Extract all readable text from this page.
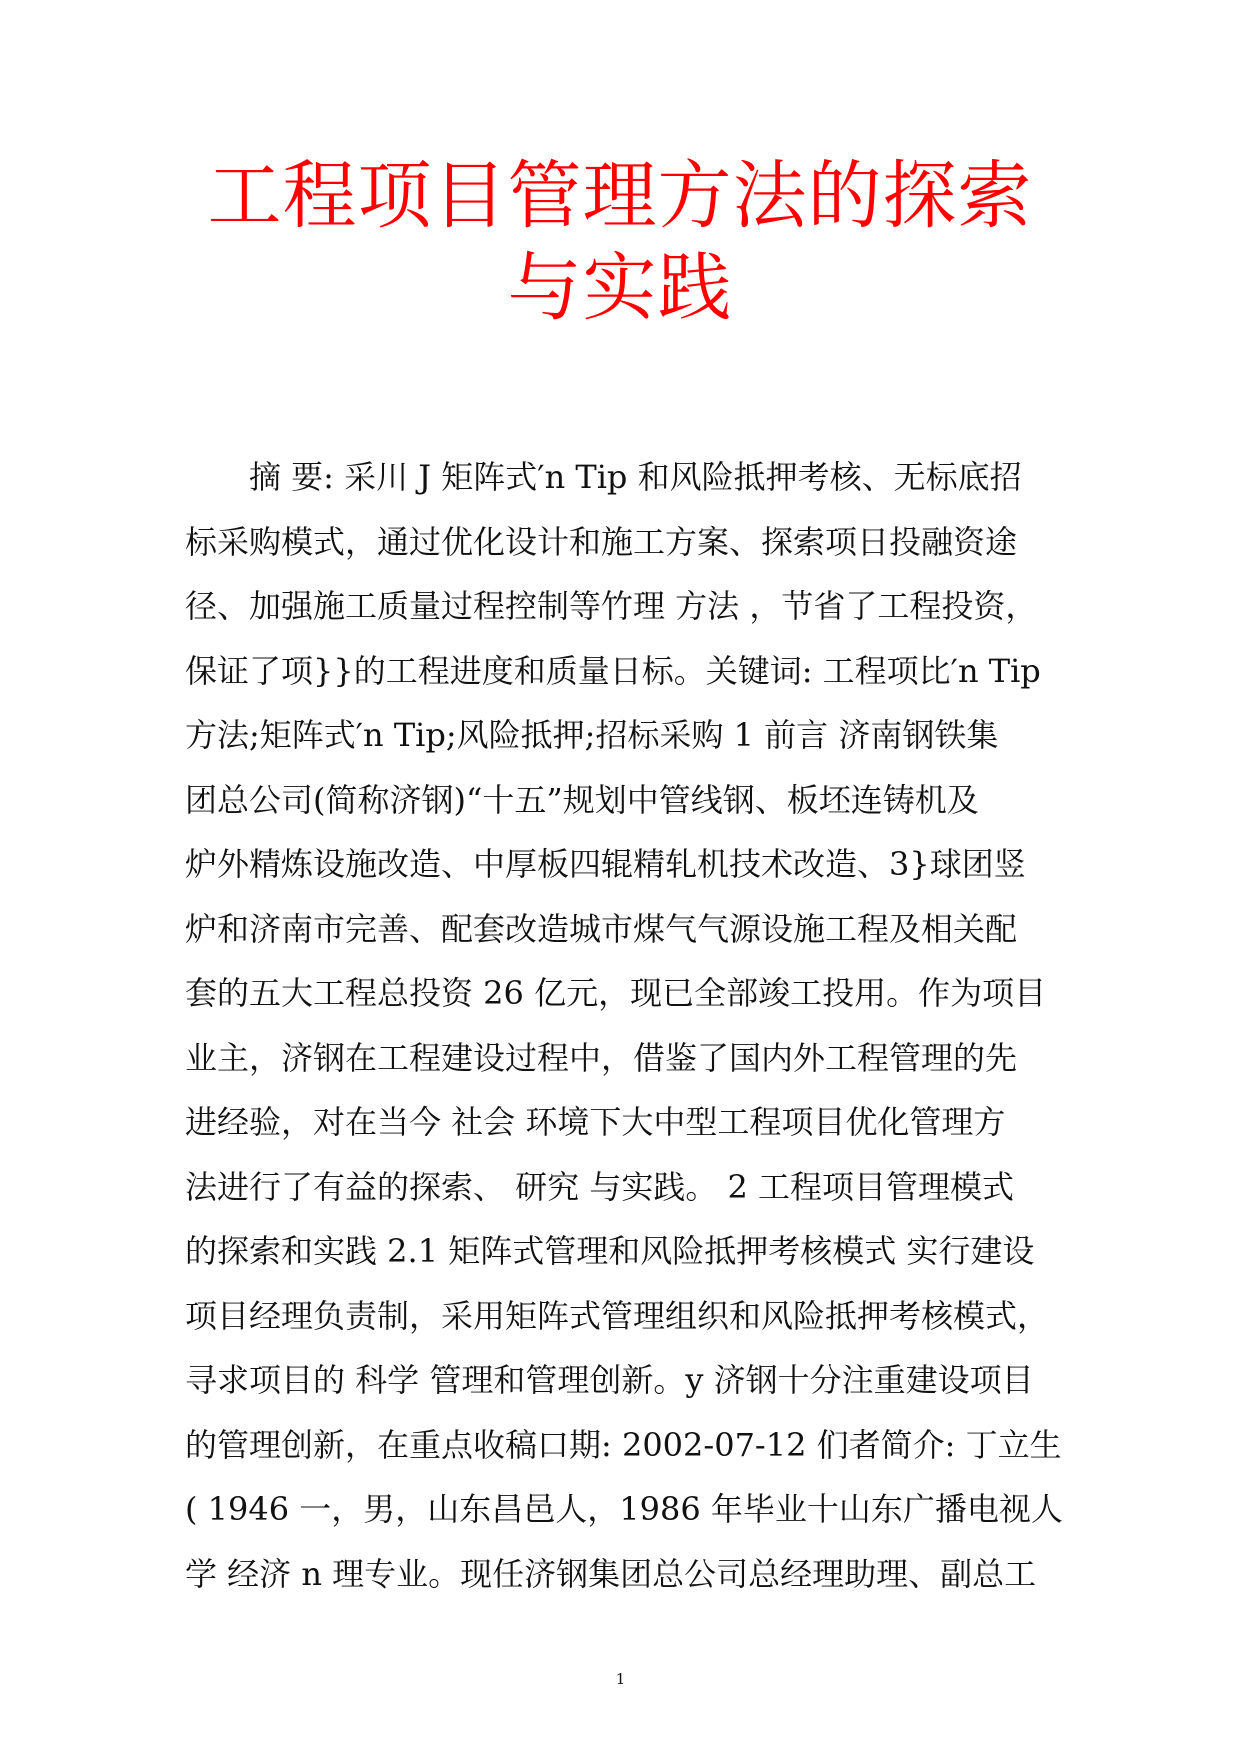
工程项目管理方法的探索
与实践
摘 要: 采川 J 矩阵式′n Tip 和风险抵押考核、无标底招
标采购模式，通过优化设计和施工方案、探索项日投融资途
径、加强施工质量过程控制等竹理 方法 ，节省了工程投资，
保证了项}}的工程进度和质量日标。关键词: 工程项比′n Tip
方法;矩阵式′n Tip;风险抵押;招标采购 1 前言 济南钢铁集
团总公司(简称济钢)“十五”规划中管线钢、板坯连铸机及
炉外精炼设施改造、中厚板四辊精轧机技术改造、3}球团竖
炉和济南市完善、配套改造城市煤气气源设施工程及相关配
套的五大工程总投资 26 亿元，现已全部竣工投用。作为项目
业主，济钢在工程建设过程中，借鉴了国内外工程管理的先
进经验，对在当今 社会 环境下大中型工程项目优化管理方
法进行了有益的探索、 研究 与实践。 2 工程项目管理模式
的探索和实践 2.1 矩阵式管理和风险抵押考核模式 实行建设
项目经理负责制，采用矩阵式管理组织和风险抵押考核模式，
寻求项目的 科学 管理和管理创新。y 济钢十分注重建设项目
的管理创新，在重点收稿口期: 2002-07-12 们者简介: 丁立生
( 1946 一，男，山东昌邑人，1986 年毕业十山东广播电视人
学 经济 n 理专业。现任济钢集团总公司总经理助理、副总工
1
